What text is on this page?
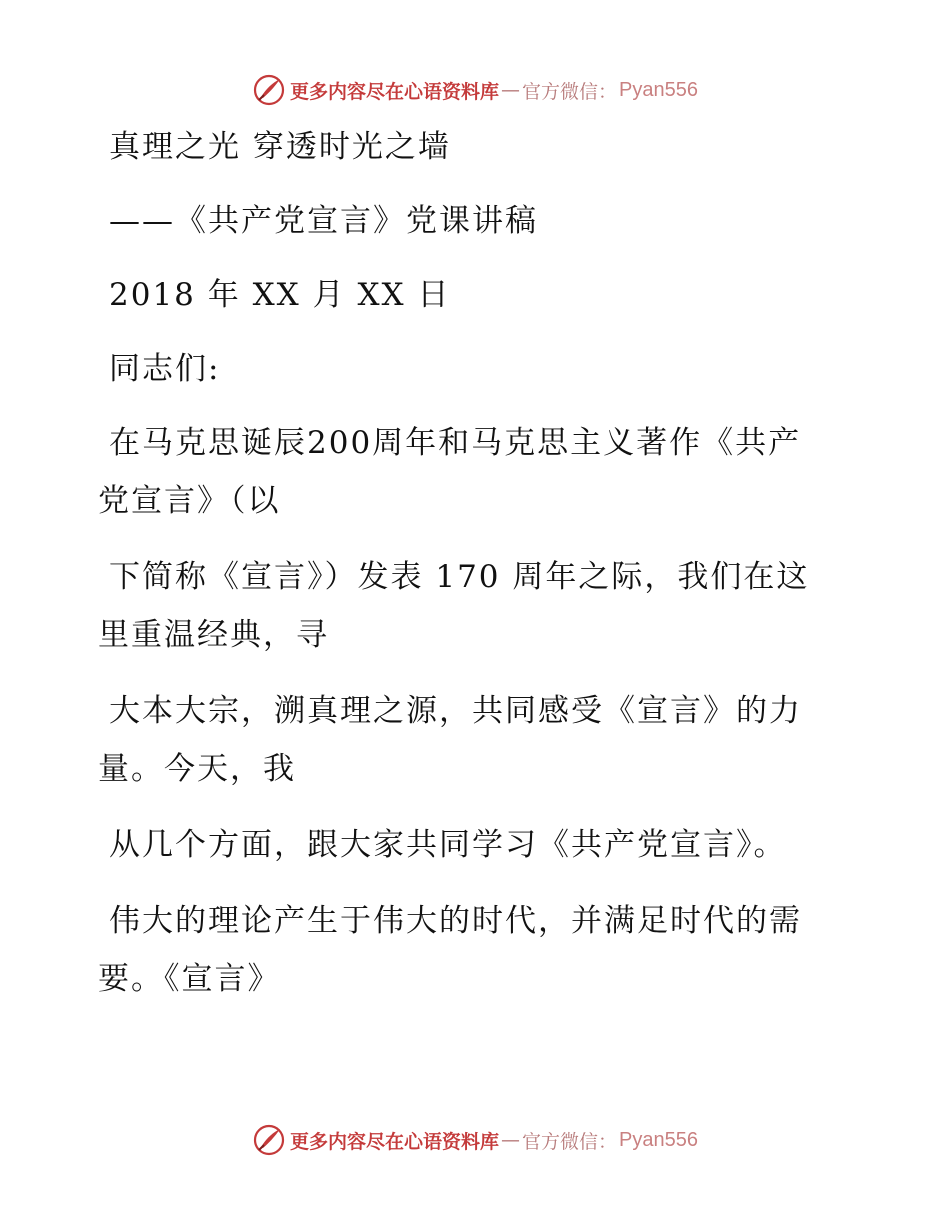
更多内容尽在心语资料库 — 官方微信： Pyan556
真理之光 穿透时光之墙
——《共产党宣言》党课讲稿
2018 年 XX 月 XX 日
同志们:
在马克思诞辰200周年和马克思主义著作《共产
党宣言》（以
下简称《宣言》）发表 170 周年之际，我们在这
里重温经典，寻
大本大宗，溯真理之源，共同感受《宣言》的力
量。今天，我
从几个方面，跟大家共同学习《共产党宣言》。
伟大的理论产生于伟大的时代，并满足时代的需
要。《宣言》
更多内容尽在心语资料库 — 官方微信： Pyan556
